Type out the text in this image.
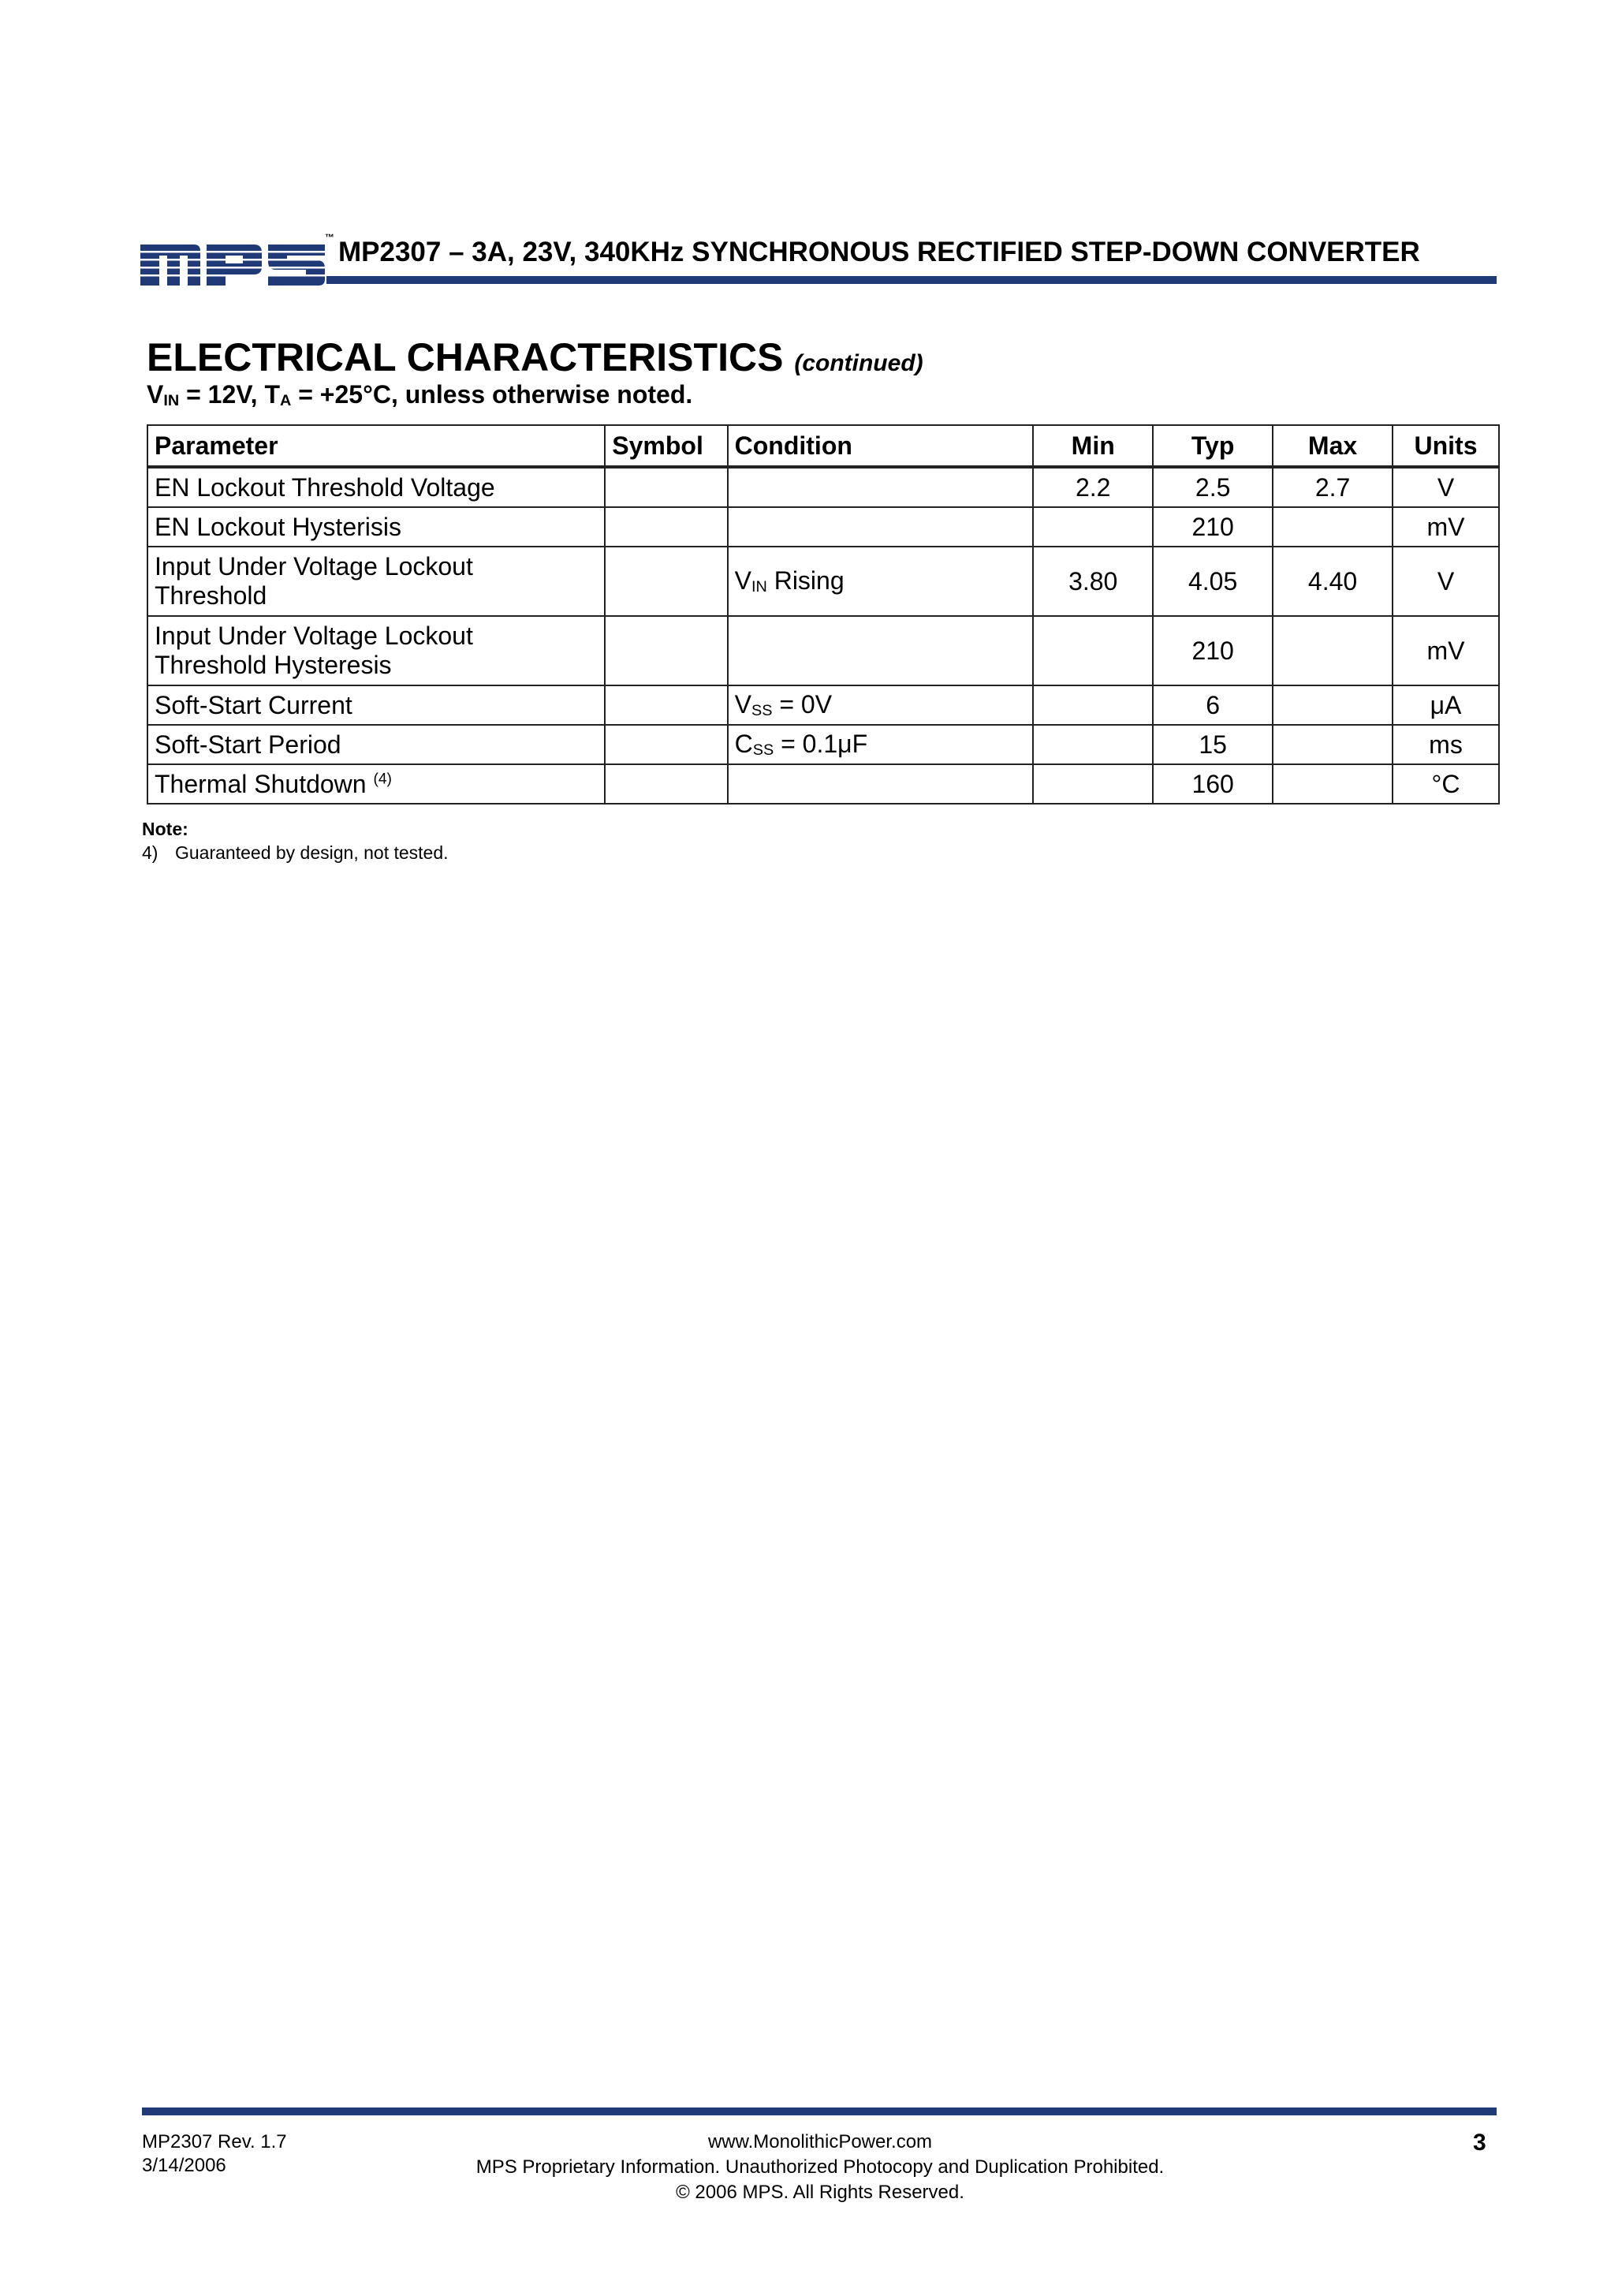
™ MP2307 – 3A, 23V, 340KHz SYNCHRONOUS RECTIFIED STEP-DOWN CONVERTER
ELECTRICAL CHARACTERISTICS (continued)
$V_{IN} = 12V$, $T_A = +25^\circ C$, unless otherwise noted.
Parameter	Symbol	Condition	Min	Typ	Max	Units
EN Lockout Threshold Voltage			2.2	2.5	2.7	V
EN Lockout Hysterisis				210		mV
Input Under Voltage Lockout
Threshold		$V_{IN}$ Rising	3.80	4.05	4.40	V
Input Under Voltage Lockout
Threshold Hysteresis				210		mV
Soft-Start Current		$V_{SS} = 0V$		6		μA
Soft-Start Period		$C_{SS} = 0.1\mu F$		15		ms
Thermal Shutdown $^{(4)}$				160		°C
Note:
4) Guaranteed by design, not tested.
MP2307 Rev. 1.7
3/14/2006
www.MonolithicPower.com
MPS Proprietary Information. Unauthorized Photocopy and Duplication Prohibited.
© 2006 MPS. All Rights Reserved.
3
